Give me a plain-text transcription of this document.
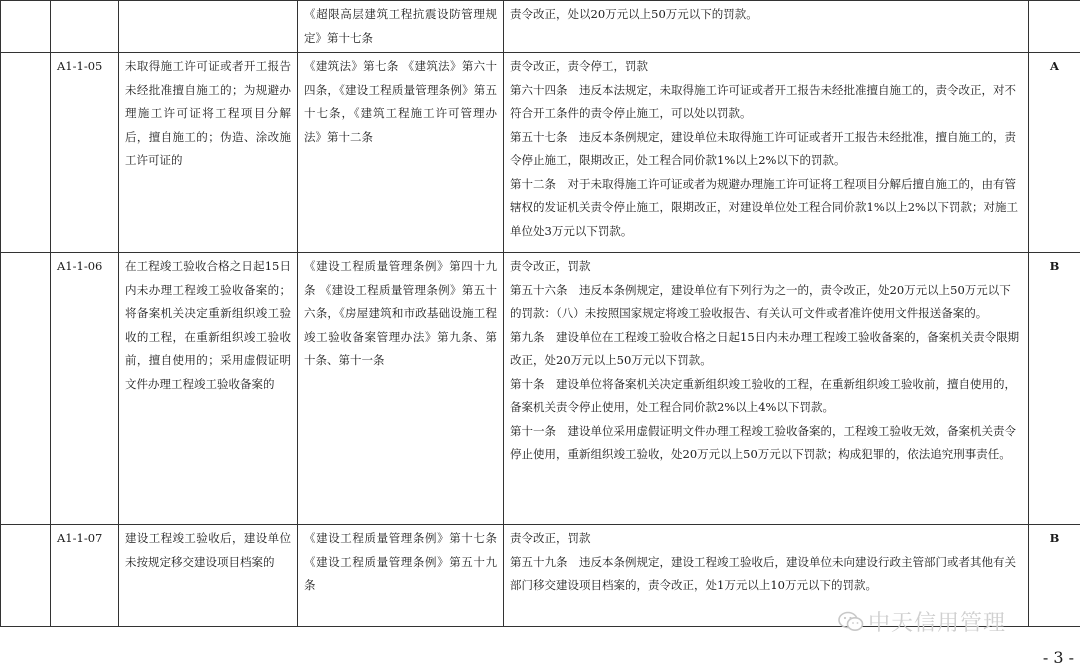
			《超限高层建筑工程抗震设防管理规定》第十七条	责令改正，处以20万元以上50万元以下的罚款。	

	A1-1-05	未取得施工许可证或者开工报告未经批准擅自施工的；为规避办理施工许可证将工程项目分解后，擅自施工的；伪造、涂改施工许可证的	《建筑法》第七条 《建筑法》第六十四条，《建设工程质量管理条例》第五十七条，《建筑工程施工许可管理办法》第十二条	责令改正，责令停工，罚款
第六十四条　违反本法规定，未取得施工许可证或者开工报告未经批准擅自施工的，责令改正，对不符合开工条件的责令停止施工，可以处以罚款。
第五十七条　违反本条例规定，建设单位未取得施工许可证或者开工报告未经批准，擅自施工的，责令停止施工，限期改正，处工程合同价款1%以上2%以下的罚款。
第十二条　对于未取得施工许可证或者为规避办理施工许可证将工程项目分解后擅自施工的，由有管辖权的发证机关责令停止施工，限期改正，对建设单位处工程合同价款1%以上2%以下罚款；对施工单位处3万元以下罚款。	A
	A1-1-06	在工程竣工验收合格之日起15日内未办理工程竣工验收备案的；将备案机关决定重新组织竣工验收的工程，在重新组织竣工验收前，擅自使用的；采用虚假证明文件办理工程竣工验收备案的	《建设工程质量管理条例》第四十九条 《建设工程质量管理条例》第五十六条，《房屋建筑和市政基础设施工程竣工验收备案管理办法》第九条、第十条、第十一条	责令改正，罚款
第五十六条　违反本条例规定，建设单位有下列行为之一的，责令改正，处20万元以上50万元以下的罚款：（八）未按照国家规定将竣工验收报告、有关认可文件或者准许使用文件报送备案的。
第九条　建设单位在工程竣工验收合格之日起15日内未办理工程竣工验收备案的，备案机关责令限期改正，处20万元以上50万元以下罚款。
第十条　建设单位将备案机关决定重新组织竣工验收的工程，在重新组织竣工验收前，擅自使用的，备案机关责令停止使用，处工程合同价款2%以上4%以下罚款。
第十一条　建设单位采用虚假证明文件办理工程竣工验收备案的，工程竣工验收无效，备案机关责令停止使用，重新组织竣工验收，处20万元以上50万元以下罚款；构成犯罪的，依法追究刑事责任。	B
	A1-1-07	建设工程竣工验收后，建设单位未按规定移交建设项目档案的	《建设工程质量管理条例》第十七条 《建设工程质量管理条例》第五十九条	责令改正，罚款
第五十九条　违反本条例规定，建设工程竣工验收后，建设单位未向建设行政主管部门或者其他有关部门移交建设项目档案的，责令改正，处1万元以上10万元以下的罚款。	B
中天信用管理
- 3 -
